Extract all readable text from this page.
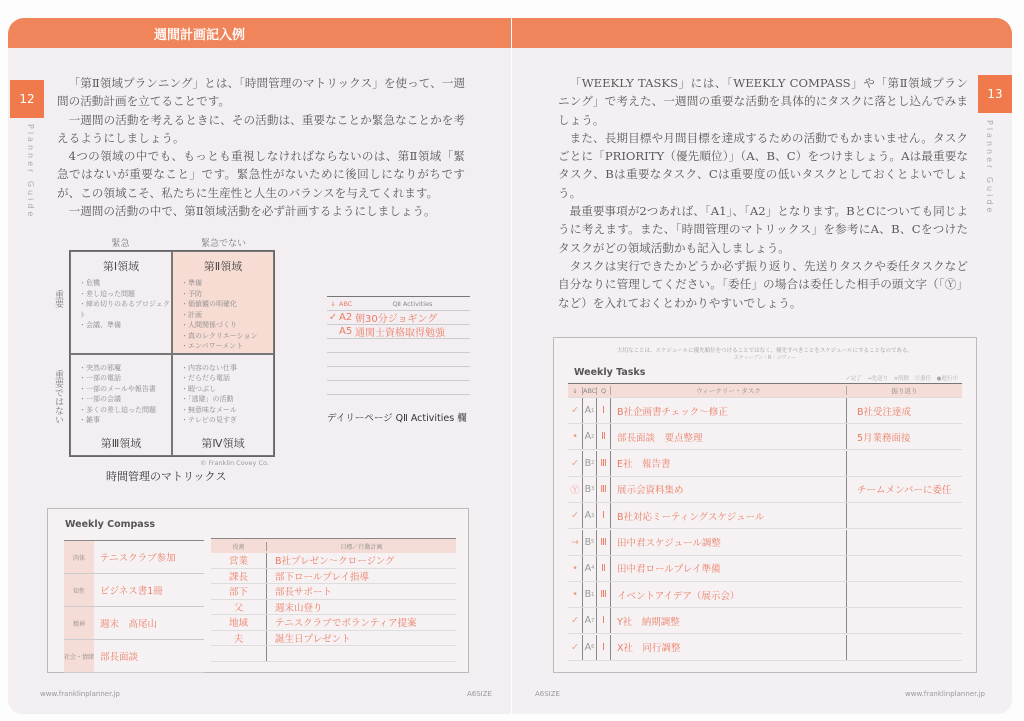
週間計画記入例
12
Planner Guide
13
Planner Guide

「第Ⅱ領域プランニング」とは、「時間管理のマトリックス」を使って、一週間の活動計画を立てることです。

一週間の活動を考えるときに、その活動は、重要なことか緊急なことかを考えるようにしましょう。

4つの領域の中でも、もっとも重視しなければならないのは、第Ⅱ領域「緊急ではないが重要なこと」です。緊急性がないために後回しになりがちですが、この領域こそ、私たちに生産性と人生のバランスを与えてくれます。

一週間の活動の中で、第Ⅱ領域活動を必ず計画するようにしましょう。

「WEEKLY TASKS」には、「WEEKLY COMPASS」や「第Ⅱ領域プランニング」で考えた、一週間の重要な活動を具体的にタスクに落とし込んでみましょう。

また、長期目標や月間目標を達成するための活動でもかまいません。タスクごとに「PRIORITY（優先順位）」（A、B、C）をつけましょう。Aは最重要なタスク、Bは重要なタスク、Cは重要度の低いタスクとしておくとよいでしょう。

最重要事項が2つあれば、「A1」、「A2」となります。BとCについても同じように考えます。また、「時間管理のマトリックス」を参考にA、B、Cをつけたタスクがどの領域活動かも記入しましょう。

タスクは実行できたかどうか必ず振り返り、先送りタスクや委任タスクなど自分なりに管理してください。「委任」の場合は委任した相手の頭文字（「Ⓨ」など）を入れておくとわかりやすいでしょう。

緊急	緊急でない
重要
重要ではない
第Ⅰ領域
・ 危機
・ 差し迫った問題
・ 締め切りのあるプロジェクト
・ 会議、準備
第Ⅱ領域
・ 準備
・ 予防
・ 価値観の明確化
・ 計画
・ 人間関係づくり
・ 真のレクリエーション
・ エンパワーメント
第Ⅲ領域
・ 突然の邪魔
・ 一部の電話
・ 一部のメールや報告書
・ 一部の会議
・ 多くの差し迫った問題
・ 雑事
第Ⅳ領域
・ 内容のない仕事
・ だらだら電話
・ 暇つぶし
・ 「逃避」の活動
・ 無意味なメール
・ テレビの見すぎ
© Franklin Covey Co.
時間管理のマトリックス
↓ ABC	QⅡ Activities
✓ A2 朝30分ジョギング
A5 通関士資格取得勉強
デイリーページ QⅡ Activities 欄
Weekly Compass
肉体	テニスクラブ参加
知性	ビジネス書1冊
精神	週末　高尾山
社会・情緒 部長面談
役割	目標／行動計画
営業	B社プレゼン〜クロージング
課長	部下ロールプレイ指導
部下	部長サポート
父	週末山登り
地域	テニスクラブでボランティア提案
夫	誕生日プレゼント
大切なことは、スケジュールに優先順位をつけることではなく、優先すべきことをスケジュールにすることなのである。
スティーブン・R・コヴィー
Weekly Tasks
✓完了　→先送り　×削除　Ⓨ委任　●進行中
↓ ABC Q	ウィークリー・タスク	振り返り
✓ A 1 Ⅰ	B社企画書チェック〜修正	B社受注達成
• A 2 Ⅱ	部長面談　要点整理	5月業務面接
✓ B 2 Ⅲ	E社　報告書
Ⓨ B 3 Ⅲ	展示会資料集め	チームメンバーに委任
✓ A 3 Ⅰ	B社対応ミーティングスケジュール
→ B 5 Ⅲ	田中君スケジュール調整
• A 4 Ⅱ	田中君ロールプレイ準備
• B 1 Ⅲ	イベントアイデア（展示会）
✓ A 7 Ⅰ	Y社　納期調整
✓ A 6 Ⅰ	X社　同行調整
www.franklinplanner.jp	A6SIZE	A6SIZE	www.franklinplanner.jp
